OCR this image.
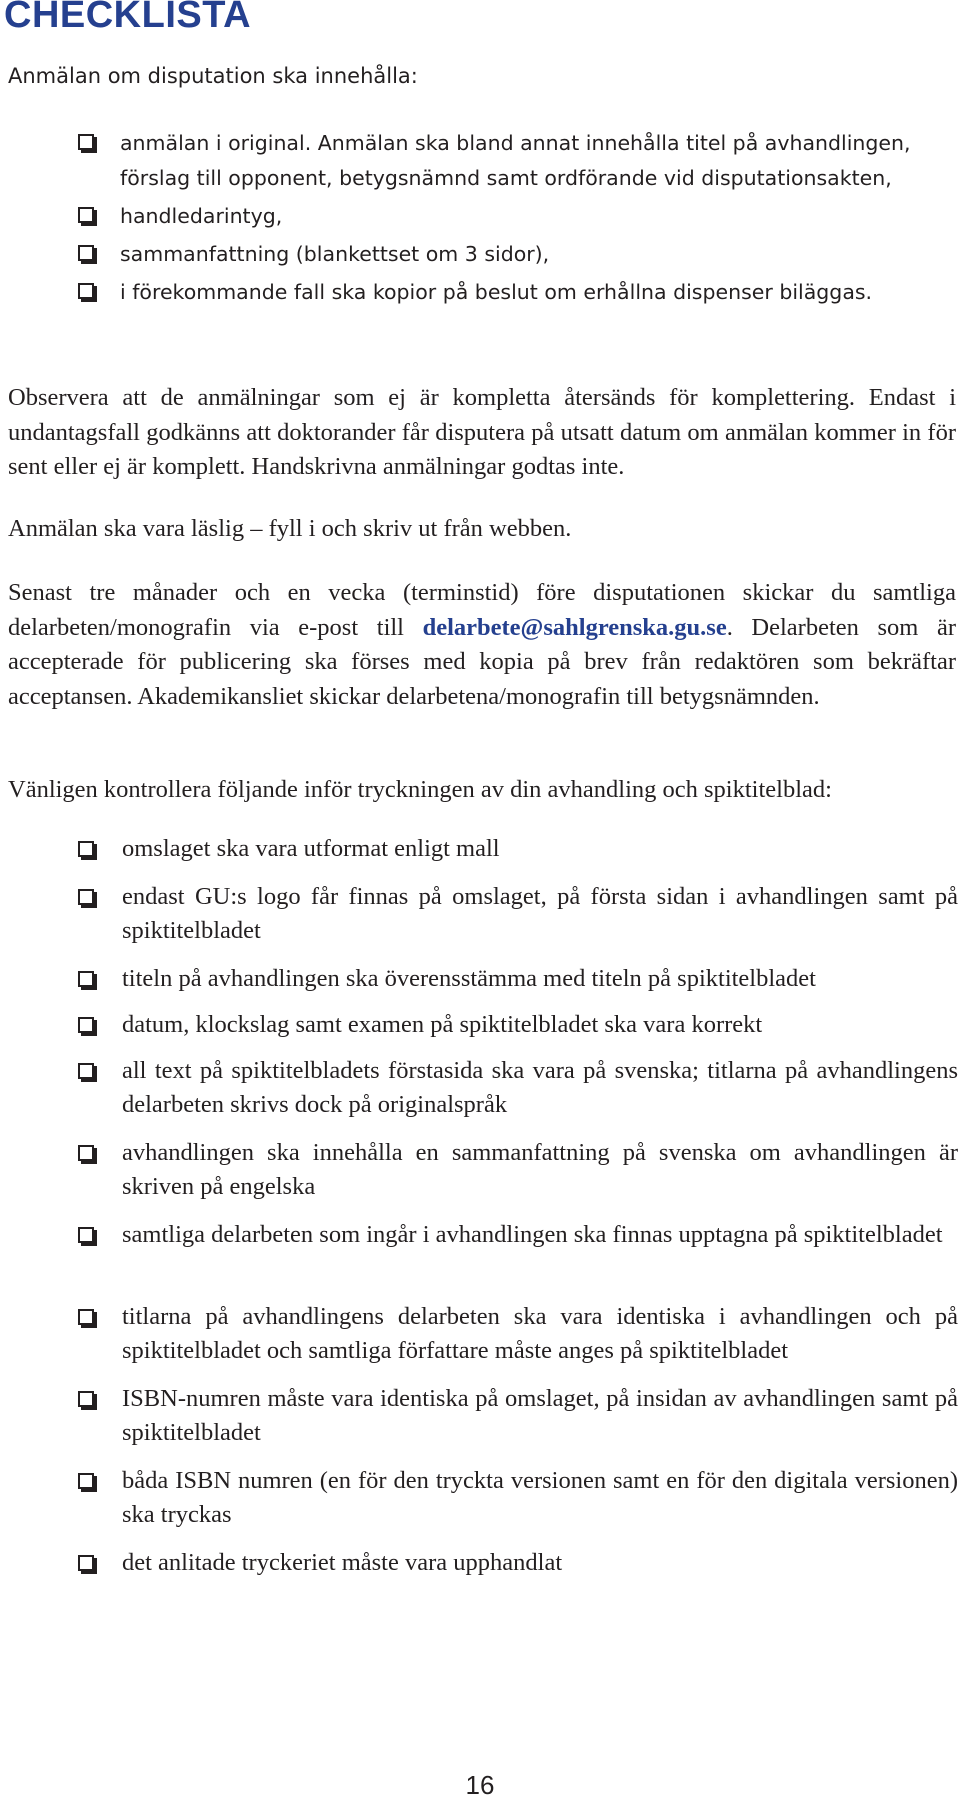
CHECKLISTA
Anmälan om disputation ska innehålla:
anmälan i original. Anmälan ska bland annat innehålla titel på avhandlingen, förslag till opponent, betygsnämnd samt ordförande vid disputationsakten,
handledarintyg,
sammanfattning (blankettset om 3 sidor),
i förekommande fall ska kopior på beslut om erhållna dispenser biläggas.
Observera att de anmälningar som ej är kompletta återsänds för komplettering. Endast i undantagsfall godkänns att doktorander får disputera på utsatt datum om anmälan kommer in för sent eller ej är komplett. Handskrivna anmälningar godtas inte.
Anmälan ska vara läslig – fyll i och skriv ut från webben.
Senast tre månader och en vecka (terminstid) före disputationen skickar du samtliga delarbeten/monografin via e-post till delarbete@sahlgrenska.gu.se. Delarbeten som är accepterade för publicering ska förses med kopia på brev från redaktören som bekräftar acceptansen. Akademikansliet skickar delarbetena/monografin till betygsnämnden.
Vänligen kontrollera följande inför tryckningen av din avhandling och spiktitelblad:
omslaget ska vara utformat enligt mall
endast GU:s logo får finnas på omslaget, på första sidan i avhandlingen samt på spiktitelbladet
titeln på avhandlingen ska överensstämma med titeln på spiktitelbladet
datum, klockslag samt examen på spiktitelbladet ska vara korrekt
all text på spiktitelbladets förstasida ska vara på svenska; titlarna på avhandlingens delarbeten skrivs dock på originalspråk
avhandlingen ska innehålla en sammanfattning på svenska om avhandlingen är skriven på engelska
samtliga delarbeten som ingår i avhandlingen ska finnas upptagna på spiktitelbladet
titlarna på avhandlingens delarbeten ska vara identiska i avhandlingen och på spiktitelbladet och samtliga författare måste anges på spiktitelbladet
ISBN-numren måste vara identiska på omslaget, på insidan av avhandlingen samt på spiktitelbladet
båda ISBN numren (en för den tryckta versionen samt en för den digitala versionen) ska tryckas
det anlitade tryckeriet måste vara upphandlat
16
